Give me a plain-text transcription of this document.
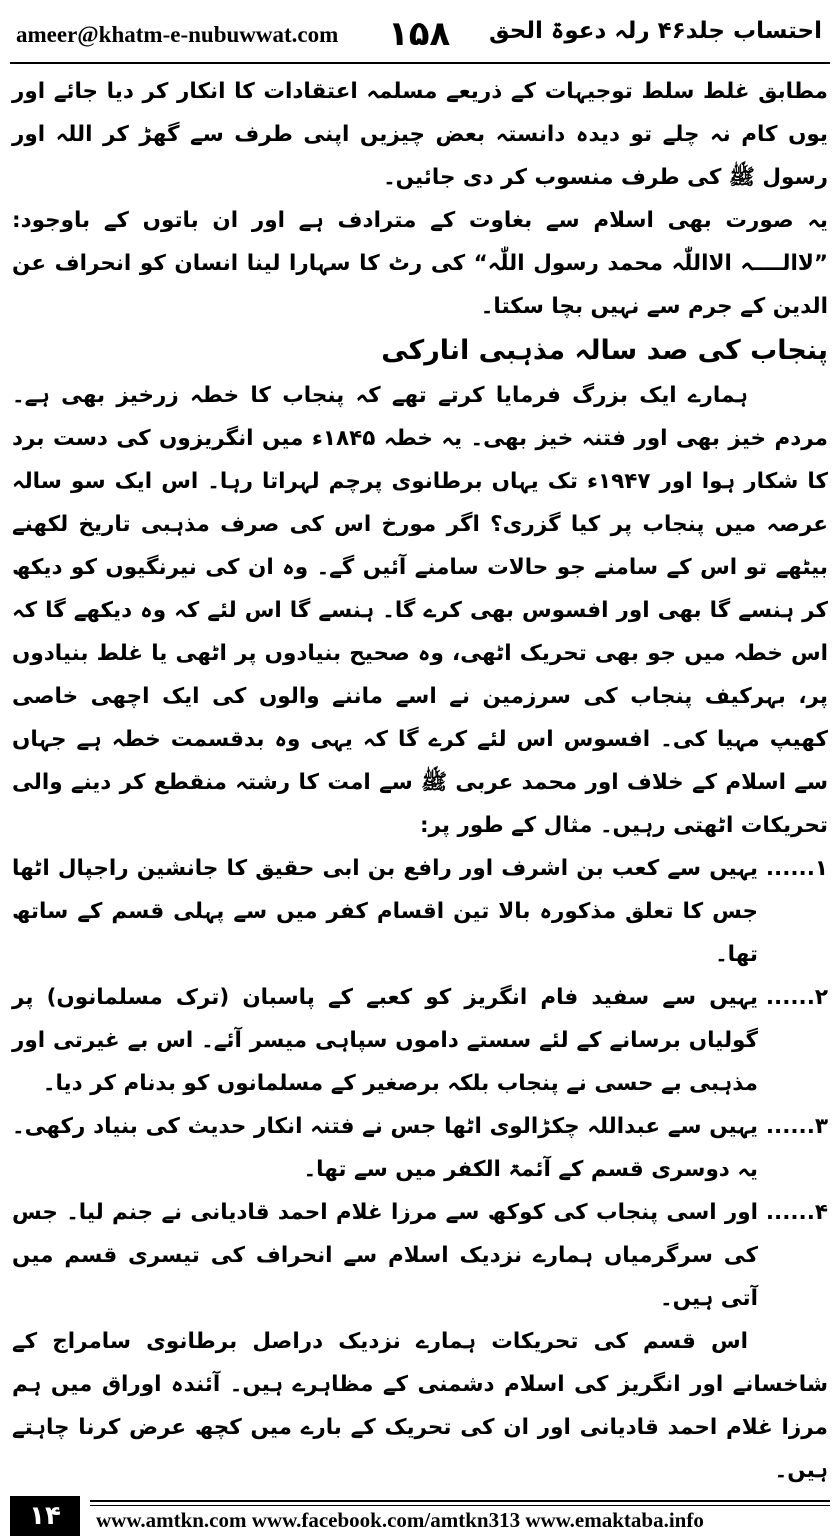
ameer@khatm-e-nubuwwat.com ۱۵۸ احتساب جلد۴۶ رلہ دعوۃ الحق

مطابق غلط سلط توجیہات کے ذریعے مسلمہ اعتقادات کا انکار کر دیا جائے اور یوں کام نہ چلے تو دیدہ دانستہ بعض چیزیں اپنی طرف سے گھڑ کر اللہ اور رسول ﷺ کی طرف منسوب کر دی جائیں۔

یہ صورت بھی اسلام سے بغاوت کے مترادف ہے اور ان باتوں کے باوجود: ”لاالــــہ الااللّٰہ محمد رسول اللّٰہ“ کی رٹ کا سہارا لینا انسان کو انحراف عن الدین کے جرم سے نہیں بچا سکتا۔

پنجاب کی صد سالہ مذہبی انارکی

ہمارے ایک بزرگ فرمایا کرتے تھے کہ پنجاب کا خطہ زرخیز بھی ہے۔ مردم خیز بھی اور فتنہ خیز بھی۔ یہ خطہ ۱۸۴۵ء میں انگریزوں کی دست برد کا شکار ہوا اور ۱۹۴۷ء تک یہاں برطانوی پرچم لہراتا رہا۔ اس ایک سو سالہ عرصہ میں پنجاب پر کیا گزری؟ اگر مورخ اس کی صرف مذہبی تاریخ لکھنے بیٹھے تو اس کے سامنے جو حالات سامنے آئیں گے۔ وہ ان کی نیرنگیوں کو دیکھ کر ہنسے گا بھی اور افسوس بھی کرے گا۔ ہنسے گا اس لئے کہ وہ دیکھے گا کہ اس خطہ میں جو بھی تحریک اٹھی، وہ صحیح بنیادوں پر اٹھی یا غلط بنیادوں پر، بہرکیف پنجاب کی سرزمین نے اسے ماننے والوں کی ایک اچھی خاصی کھیپ مہیا کی۔ افسوس اس لئے کرے گا کہ یہی وہ بدقسمت خطہ ہے جہاں سے اسلام کے خلاف اور محمد عربی ﷺ سے امت کا رشتہ منقطع کر دینے والی تحریکات اٹھتی رہیں۔ مثال کے طور پر:

۱......
یہیں سے کعب بن اشرف اور رافع بن ابی حقیق کا جانشین راجپال اٹھا جس کا تعلق مذکورہ بالا تین اقسام کفر میں سے پہلی قسم کے ساتھ تھا۔
۲......
یہیں سے سفید فام انگریز کو کعبے کے پاسبان (ترک مسلمانوں) پر گولیاں برسانے کے لئے سستے داموں سپاہی میسر آئے۔ اس بے غیرتی اور مذہبی بے حسی نے پنجاب بلکہ برصغیر کے مسلمانوں کو بدنام کر دیا۔
۳......
یہیں سے عبداللہ چکڑالوی اٹھا جس نے فتنہ انکار حدیث کی بنیاد رکھی۔ یہ دوسری قسم کے آئمۃ الکفر میں سے تھا۔
۴......
اور اسی پنجاب کی کوکھ سے مرزا غلام احمد قادیانی نے جنم لیا۔ جس کی سرگرمیاں ہمارے نزدیک اسلام سے انحراف کی تیسری قسم میں آتی ہیں۔

اس قسم کی تحریکات ہمارے نزدیک دراصل برطانوی سامراج کے شاخسانے اور انگریز کی اسلام دشمنی کے مظاہرے ہیں۔ آئندہ اوراق میں ہم مرزا غلام احمد قادیانی اور ان کی تحریک کے بارے میں کچھ عرض کرنا چاہتے ہیں۔

۱۴	www.amtkn.com www.facebook.com/amtkn313 www.emaktaba.info
